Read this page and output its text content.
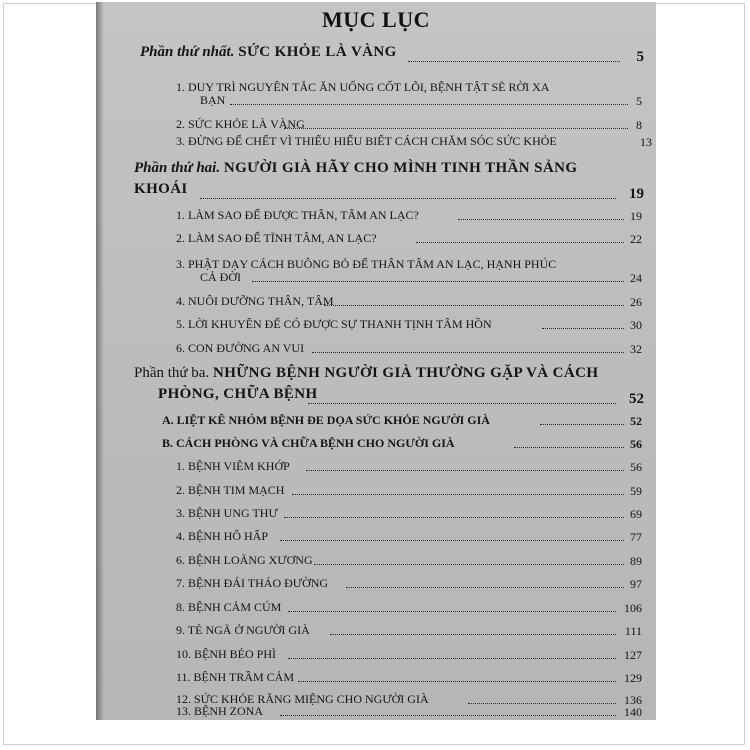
MỤC LỤC
Phần thứ nhất. SỨC KHỎE LÀ VÀNG	5
1. DUY TRÌ NGUYÊN TẮC ĂN UỐNG CỐT LÕI, BỆNH TẬT SẼ RỜI XA
BẠN	5
2. SỨC KHỎE LÀ VÀNG	8
3. ĐỪNG ĐỂ CHẾT VÌ THIẾU HIỂU BIẾT CÁCH CHĂM SÓC SỨC KHỎE	13
Phần thứ hai. NGƯỜI GIÀ HÃY CHO MÌNH TINH THẦN SẢNG
KHOÁI	19
1. LÀM SAO ĐỂ ĐƯỢC THÂN, TÂM AN LẠC?	19
2. LÀM SAO ĐỂ TĨNH TÂM, AN LẠC?	22
3. PHẬT DẠY CÁCH BUÔNG BỎ ĐỂ THÂN TÂM AN LẠC, HẠNH PHÚC
CẢ ĐỜI	24
4. NUÔI DƯỠNG THÂN, TÂM	26
5. LỜI KHUYÊN ĐỂ CÓ ĐƯỢC SỰ THANH TỊNH TÂM HỒN	30
6. CON ĐƯỜNG AN VUI	32
Phần thứ ba. NHỮNG BỆNH NGƯỜI GIÀ THƯỜNG GẶP VÀ CÁCH
PHÒNG, CHỮA BỆNH	52
A. LIỆT KÊ NHÓM BỆNH ĐE DỌA SỨC KHỎE NGƯỜI GIÀ	52
B. CÁCH PHÒNG VÀ CHỮA BỆNH CHO NGƯỜI GIÀ	56
1. BỆNH VIÊM KHỚP	56
2. BỆNH TIM MẠCH	59
3. BỆNH UNG THƯ	69
4. BỆNH HÔ HẤP	77
6. BỆNH LOÃNG XƯƠNG	89
7. BỆNH ĐÁI THÁO ĐƯỜNG	97
8. BỆNH CẢM CÚM	106
9. TÉ NGÃ Ở NGƯỜI GIÀ	111
10. BỆNH BÉO PHÌ	127
11. BỆNH TRẦM CẢM	129
12. SỨC KHỎE RĂNG MIỆNG CHO NGƯỜI GIÀ	136
13. BỆNH ZONA	140
